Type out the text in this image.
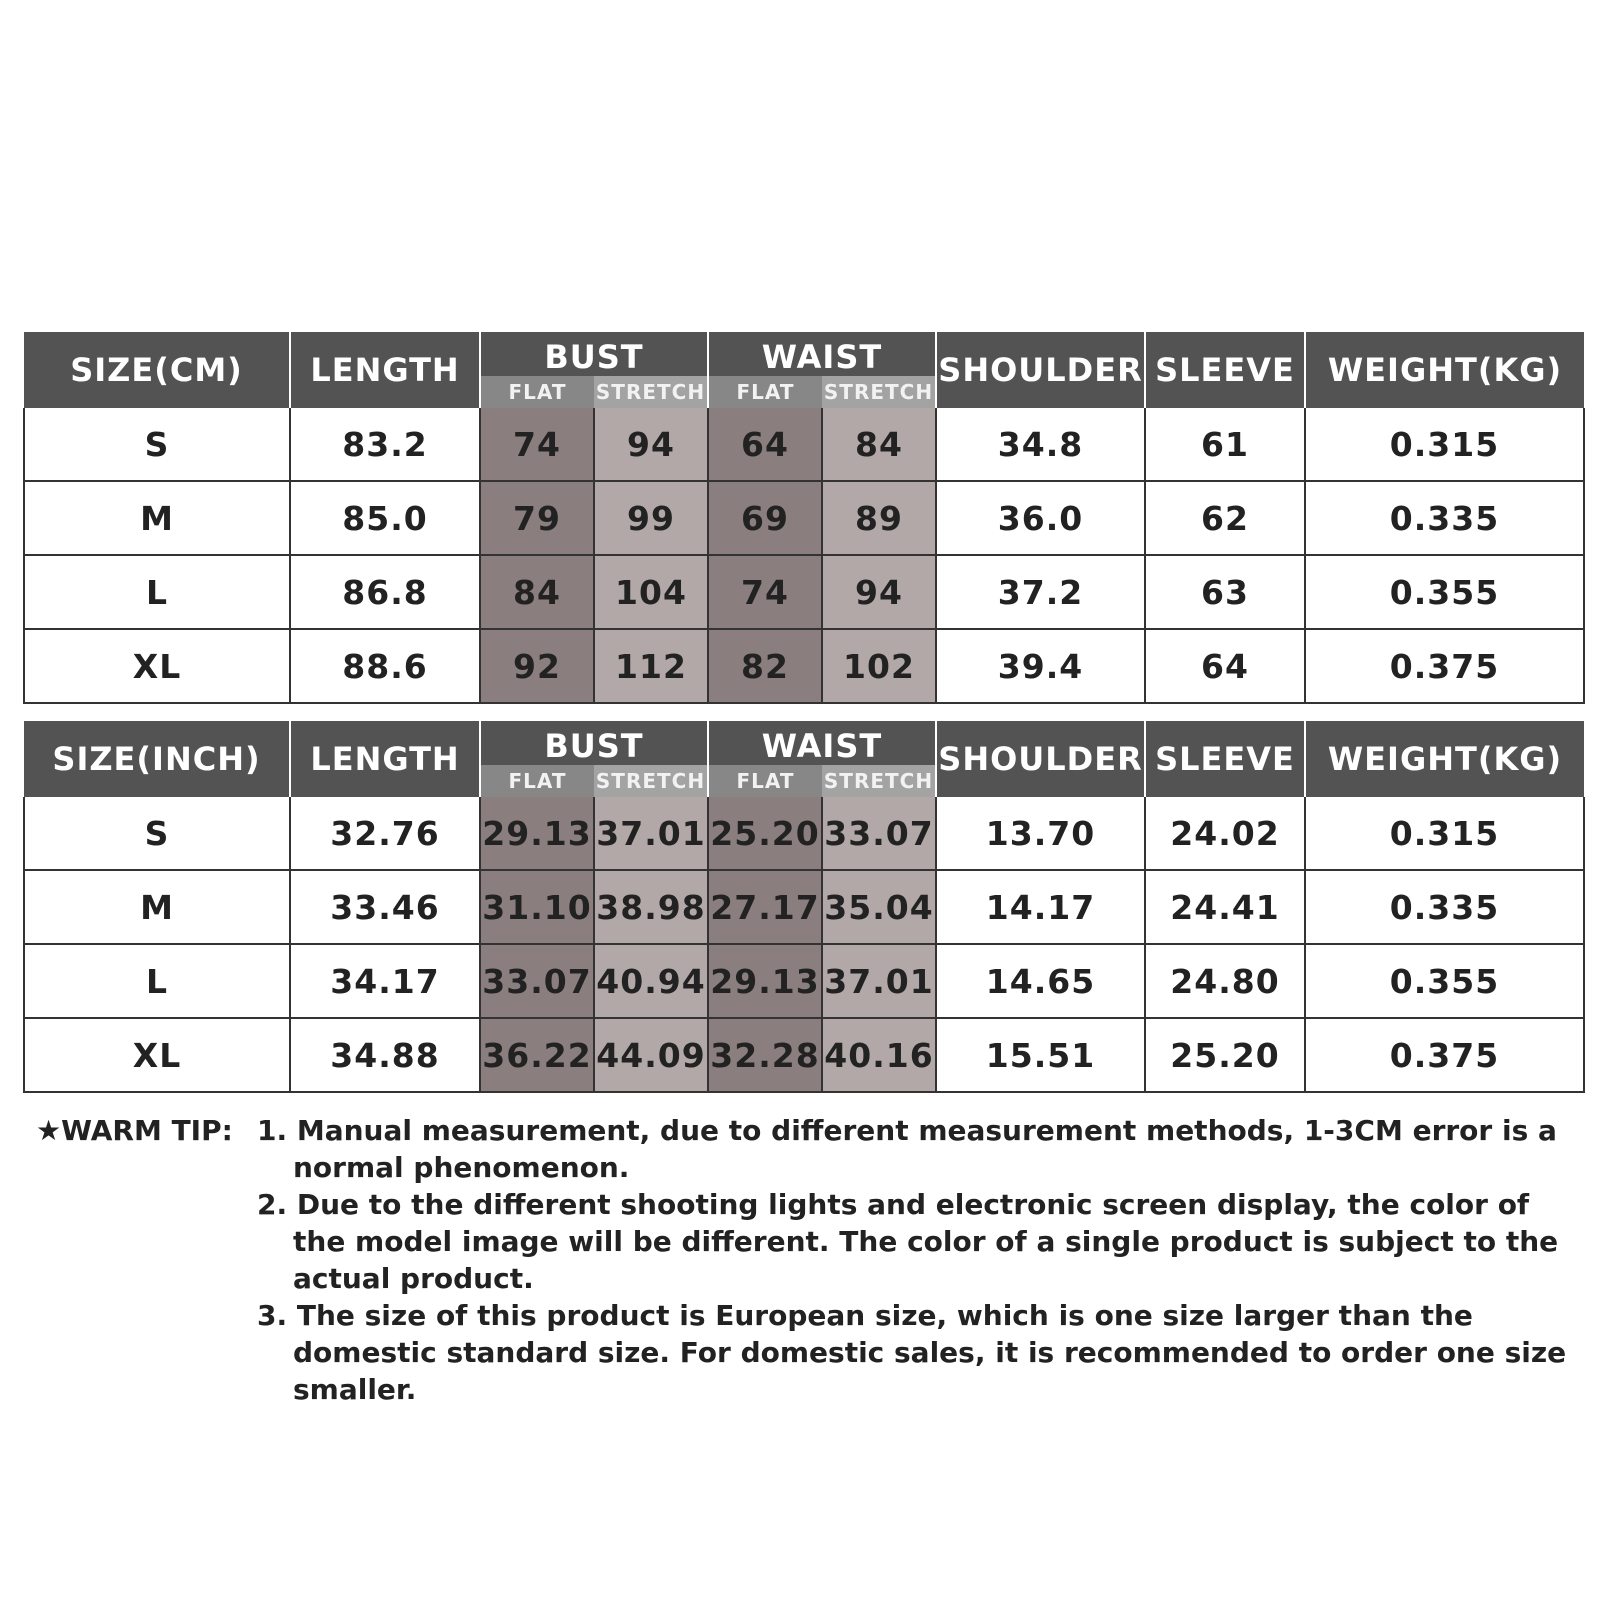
SIZE(CM)	LENGTH	BUST		WAIST		SHOULDER	SLEEVE	WEIGHT(KG)
		FLAT	STRETCH	FLAT	STRETCH			
S	83.2	74	94	64	84	34.8	61	0.315
M	85.0	79	99	69	89	36.0	62	0.335
L	86.8	84	104	74	94	37.2	63	0.355
XL	88.6	92	112	82	102	39.4	64	0.375
SIZE(INCH)	LENGTH	BUST		WAIST		SHOULDER	SLEEVE	WEIGHT(KG)
		FLAT	STRETCH	FLAT	STRETCH			
S	32.76	29.13	37.01	25.20	33.07	13.70	24.02	0.315
M	33.46	31.10	38.98	27.17	35.04	14.17	24.41	0.335
L	34.17	33.07	40.94	29.13	37.01	14.65	24.80	0.355
XL	34.88	36.22	44.09	32.28	40.16	15.51	25.20	0.375
★WARM TIP: 1. Manual measurement, due to different measurement methods, 1-3CM error is a normal phenomenon.
2. Due to the different shooting lights and electronic screen display, the color of the model image will be different. The color of a single product is subject to the actual product.
3. The size of this product is European size, which is one size larger than the domestic standard size. For domestic sales, it is recommended to order one size smaller.
